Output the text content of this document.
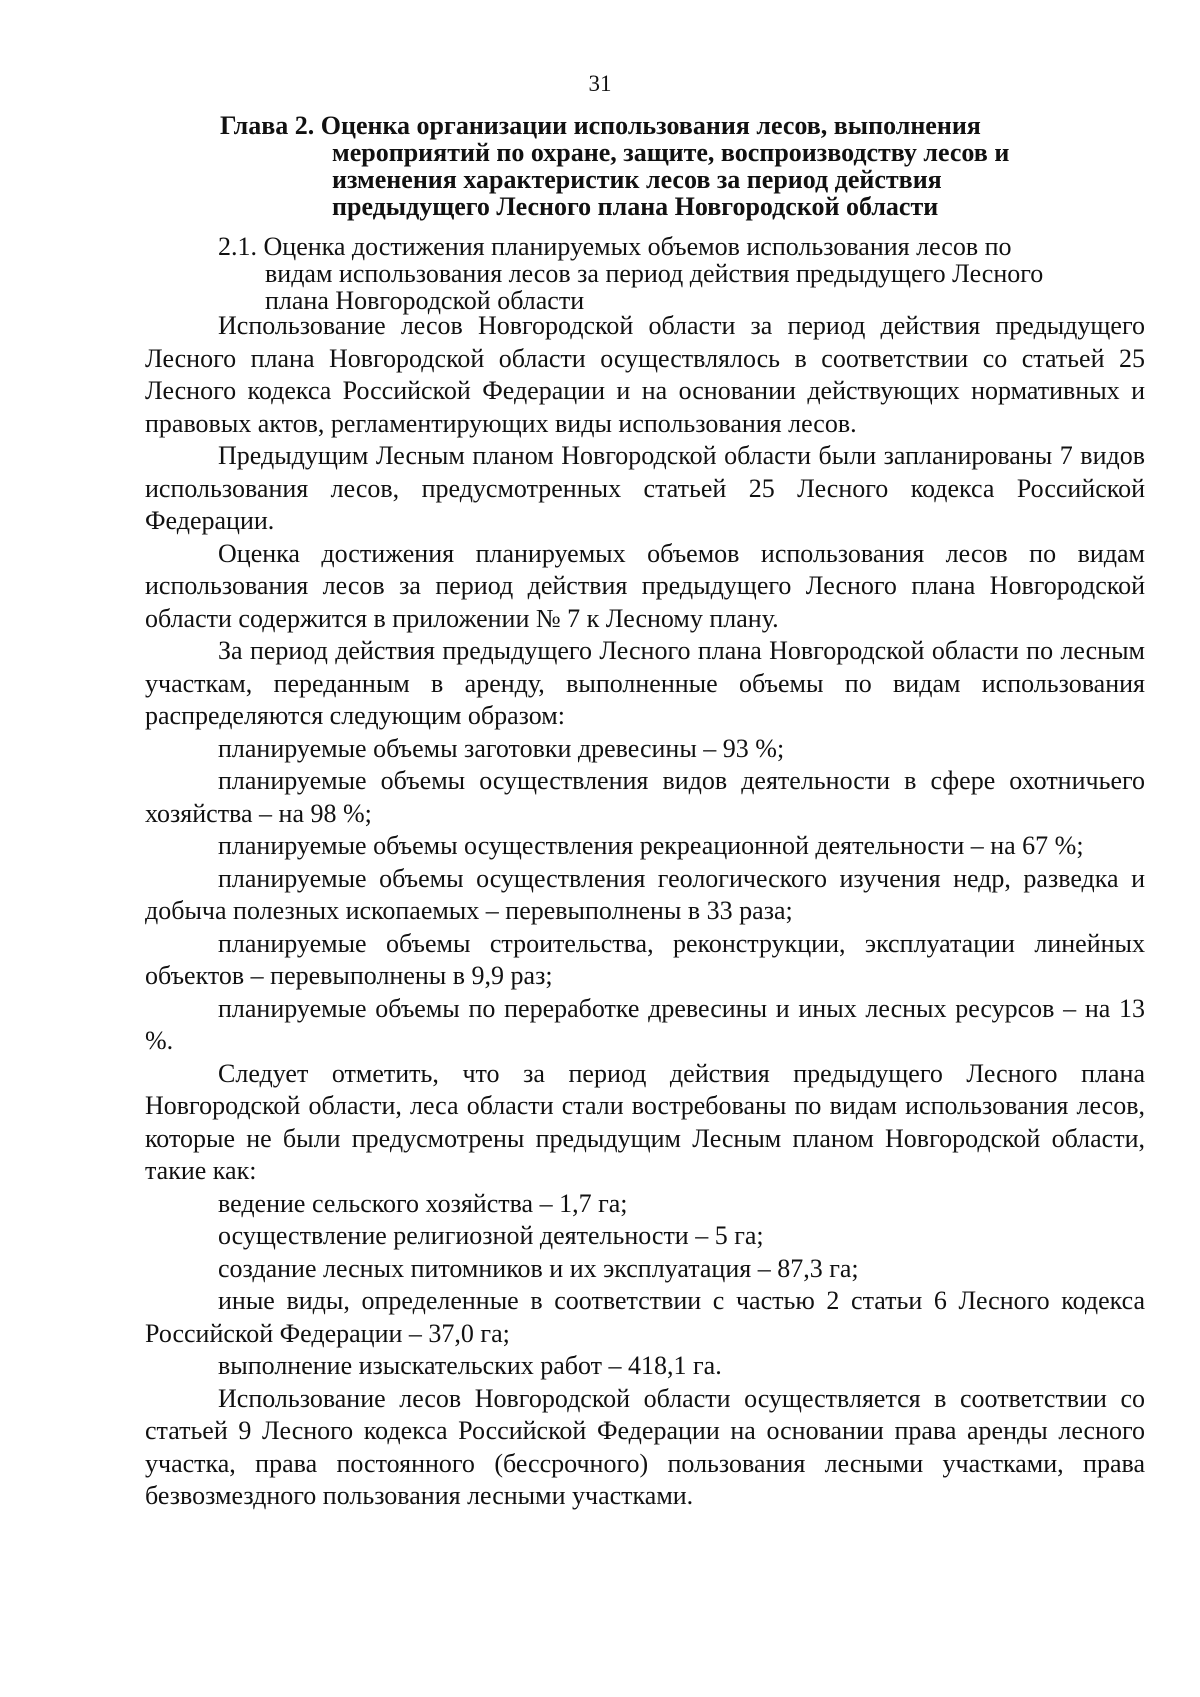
31
Глава 2. Оценка организации использования лесов, выполнения
мероприятий по охране, защите, воспроизводству лесов и
изменения характеристик лесов за период действия
предыдущего Лесного плана Новгородской области
2.1. Оценка достижения планируемых объемов использования лесов по
видам использования лесов за период действия предыдущего Лесного
плана Новгородской области

Использование лесов Новгородской области за период действия предыдущего Лесного плана Новгородской области осуществлялось в соответствии со статьей 25 Лесного кодекса Российской Федерации и на основании действующих нормативных и правовых актов, регламентирующих виды использования лесов.

Предыдущим Лесным планом Новгородской области были запланированы 7 видов использования лесов, предусмотренных статьей 25 Лесного кодекса Российской Федерации.

Оценка достижения планируемых объемов использования лесов по видам использования лесов за период действия предыдущего Лесного плана Новгородской области содержится в приложении № 7 к Лесному плану.

За период действия предыдущего Лесного плана Новгородской области по лесным участкам, переданным в аренду, выполненные объемы по видам использования распределяются следующим образом:

планируемые объемы заготовки древесины – 93 %;

планируемые объемы осуществления видов деятельности в сфере охотничьего хозяйства – на 98 %;

планируемые объемы осуществления рекреационной деятельности – на 67 %;

планируемые объемы осуществления геологического изучения недр, разведка и добыча полезных ископаемых – перевыполнены в 33 раза;

планируемые объемы строительства, реконструкции, эксплуатации линейных объектов – перевыполнены в 9,9 раз;

планируемые объемы по переработке древесины и иных лесных ресурсов – на 13 %.

Следует отметить, что за период действия предыдущего Лесного плана Новгородской области, леса области стали востребованы по видам использования лесов, которые не были предусмотрены предыдущим Лесным планом Новгородской области, такие как:

ведение сельского хозяйства – 1,7 га;

осуществление религиозной деятельности – 5 га;

создание лесных питомников и их эксплуатация – 87,3 га;

иные виды, определенные в соответствии с частью 2 статьи 6 Лесного кодекса Российской Федерации – 37,0 га;

выполнение изыскательских работ – 418,1 га.

Использование лесов Новгородской области осуществляется в соответствии со статьей 9 Лесного кодекса Российской Федерации на основании права аренды лесного участка, права постоянного (бессрочного) пользования лесными участками, права безвозмездного пользования лесными участками.
